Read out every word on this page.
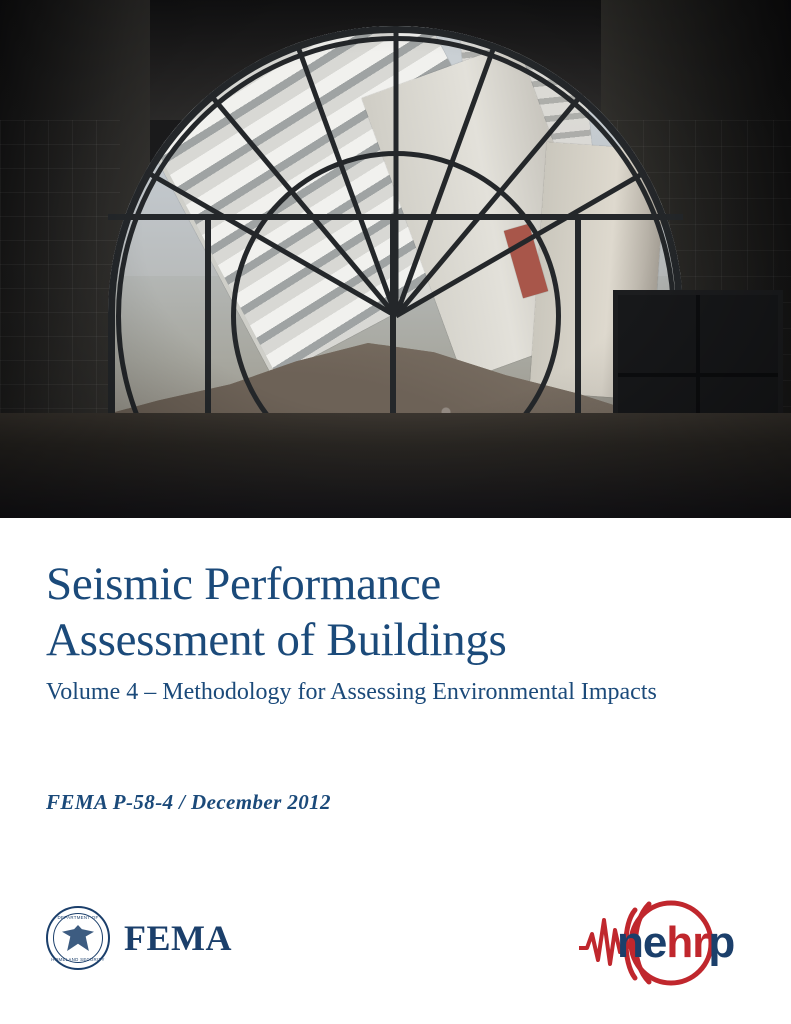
Seismic Performance
Assessment of Buildings
Volume 4 – Methodology for Assessing Environmental Impacts
FEMA P-58-4 / December 2012
DEPARTMENT OF
HOMELAND SECURITY
FEMA	nehrp
